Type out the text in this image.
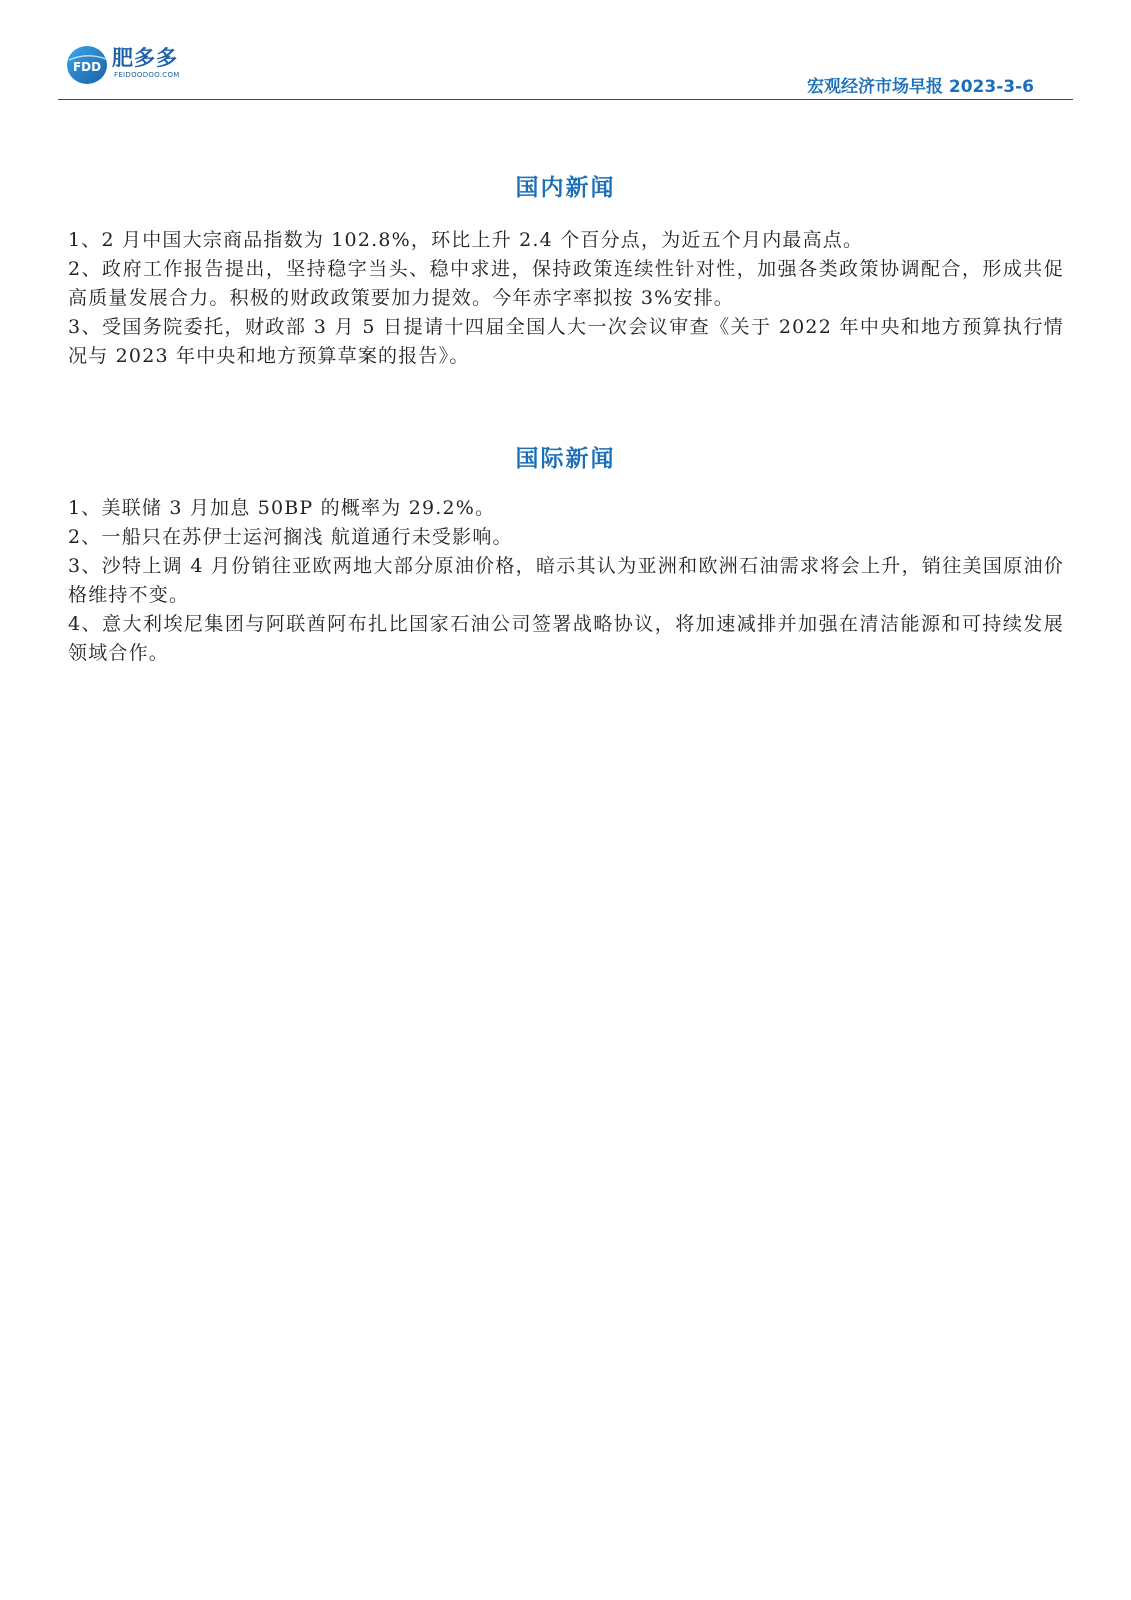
FDD 肥多多
FEIDOODOO.COM
宏观经济市场早报 2023-3-6
国内新闻
1、2 月中国大宗商品指数为 102.8%，环比上升 2.4 个百分点，为近五个月内最高点。
2、政府工作报告提出，坚持稳字当头、稳中求进，保持政策连续性针对性，加强各类政策协调配合，形成共促高质量发展合力。积极的财政政策要加力提效。今年赤字率拟按 3%安排。
3、受国务院委托，财政部 3 月 5 日提请十四届全国人大一次会议审查《关于 2022 年中央和地方预算执行情况与 2023 年中央和地方预算草案的报告》。
国际新闻
1、美联储 3 月加息 50BP 的概率为 29.2%。
2、一船只在苏伊士运河搁浅 航道通行未受影响。
3、沙特上调 4 月份销往亚欧两地大部分原油价格，暗示其认为亚洲和欧洲石油需求将会上升，销往美国原油价格维持不变。
4、意大利埃尼集团与阿联酋阿布扎比国家石油公司签署战略协议，将加速减排并加强在清洁能源和可持续发展领域合作。
